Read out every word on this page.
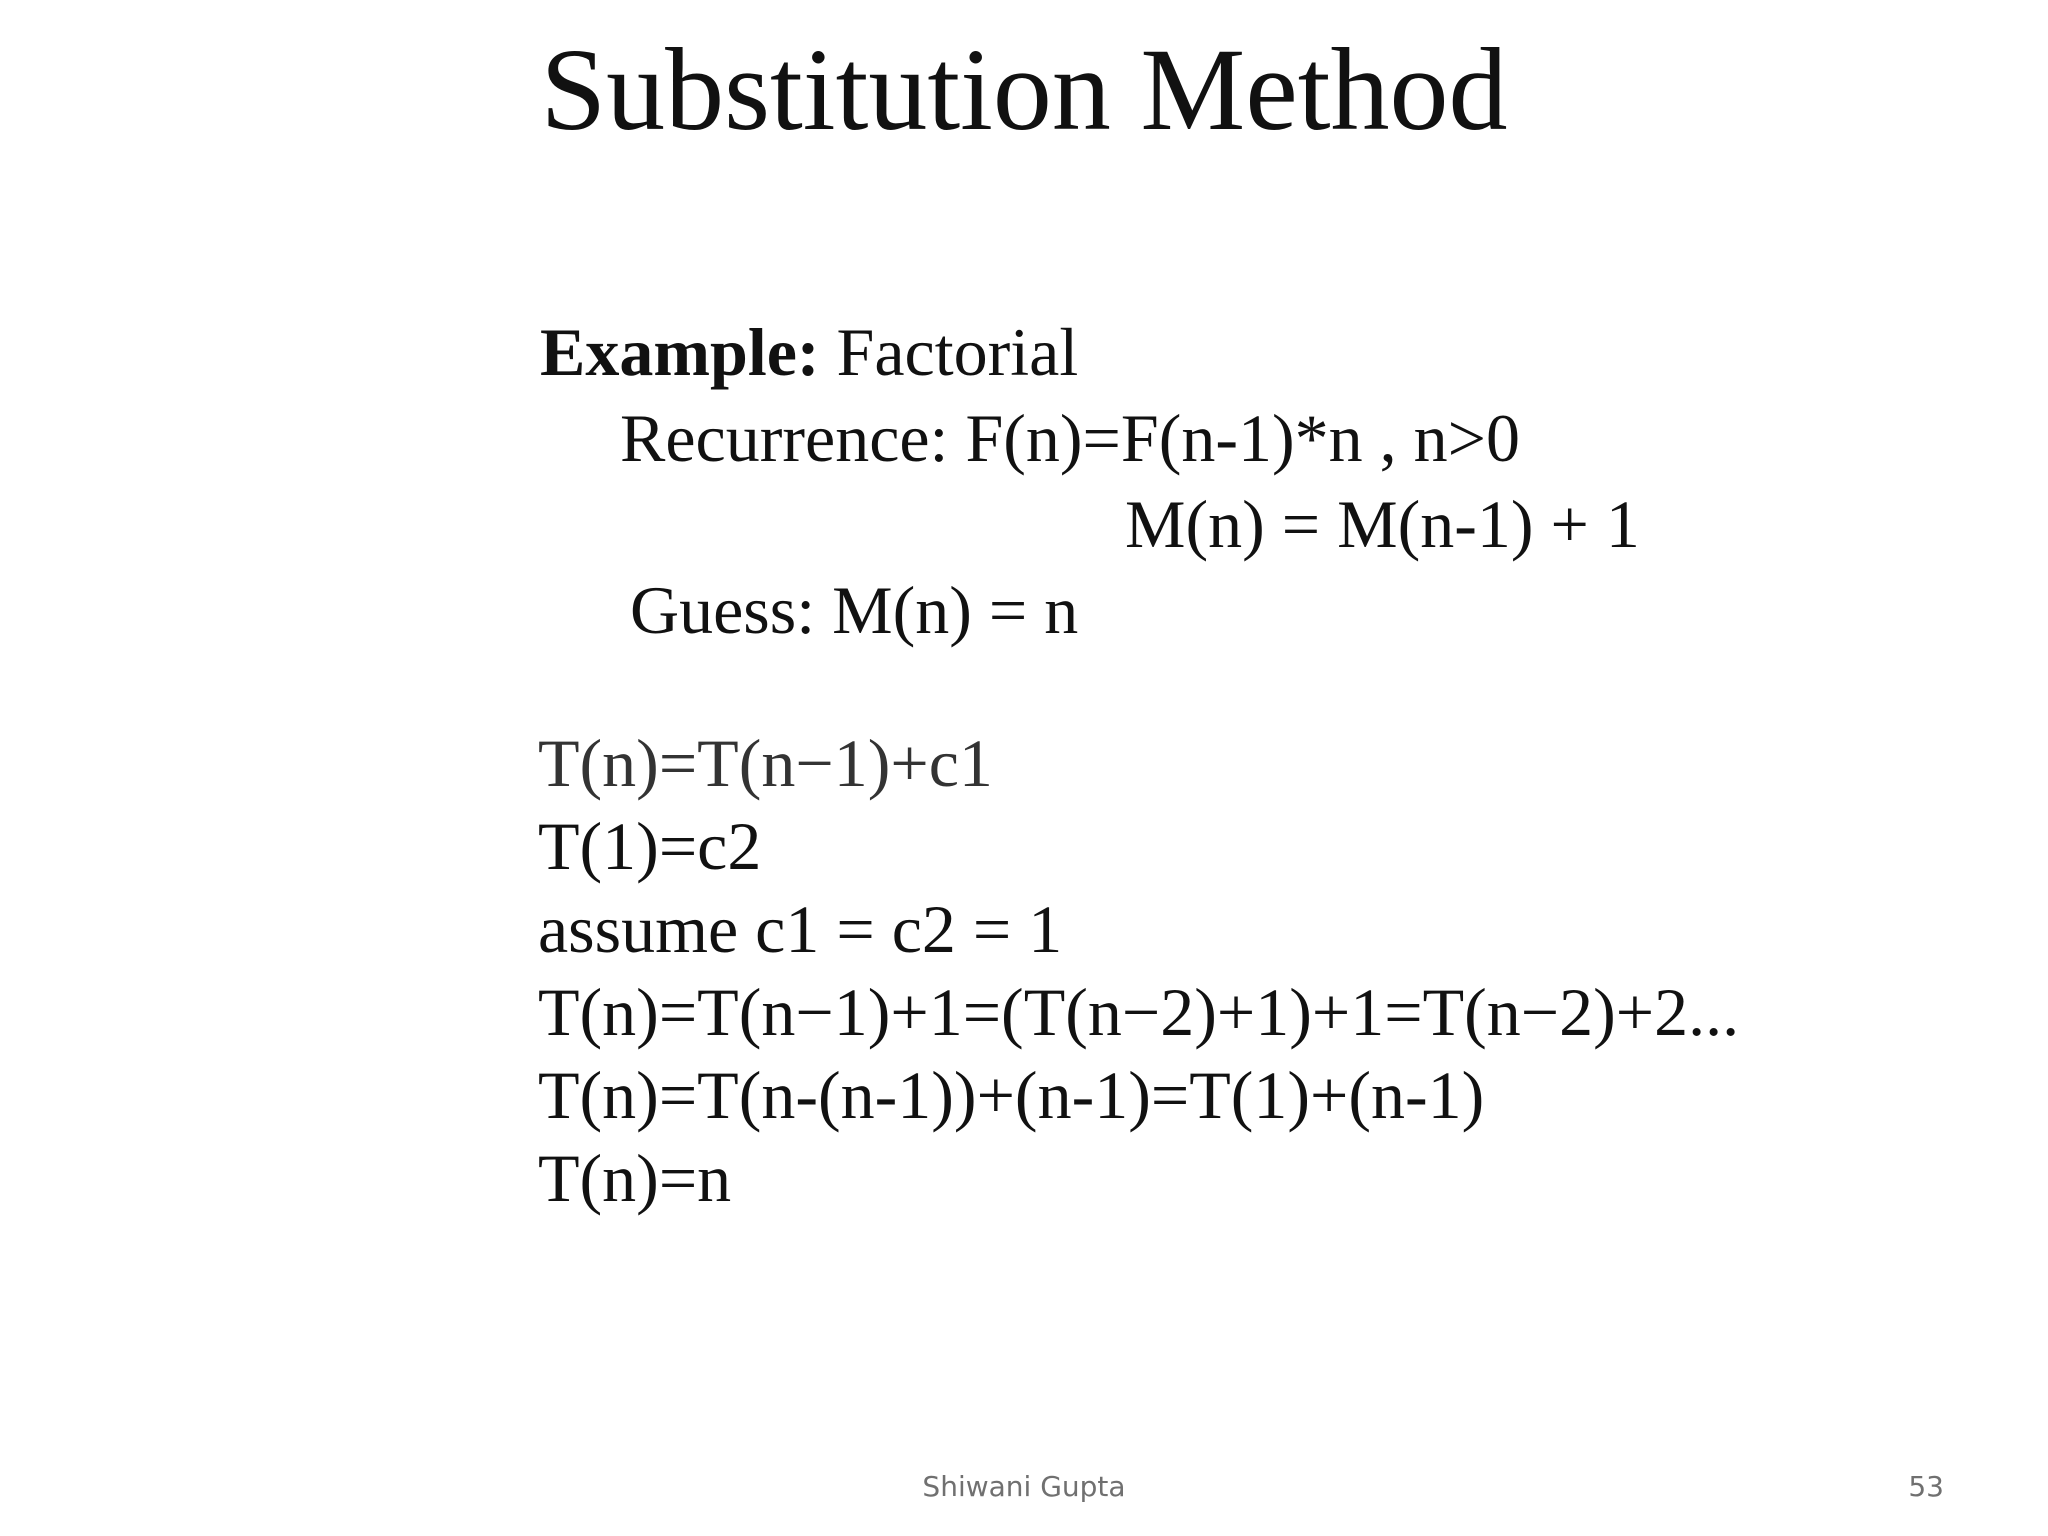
Substitution Method
Example: Factorial
Recurrence: F(n)=F(n-1)*n , n>0
M(n) = M(n-1) + 1
Guess: M(n) = n
T(n)=T(n−1)+c1
T(1)=c2
assume c1 = c2 = 1
T(n)=T(n−1)+1=(T(n−2)+1)+1=T(n−2)+2...
T(n)=T(n-(n-1))+(n-1)=T(1)+(n-1)
T(n)=n
Shiwani Gupta	53
